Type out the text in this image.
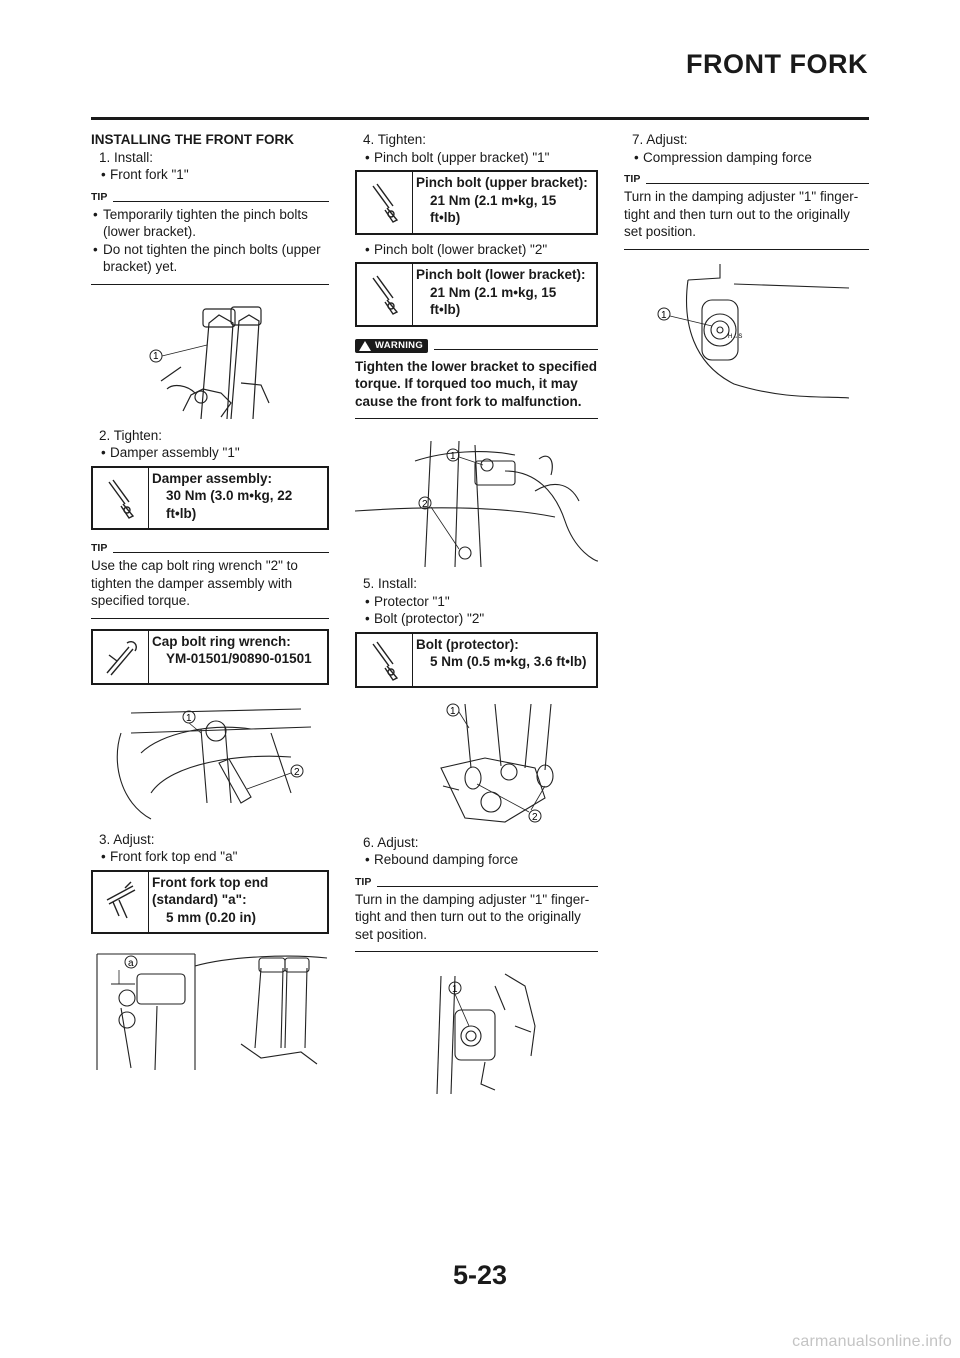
FRONT FORK
INSTALLING THE FRONT FORK
1. Install:
• Front fork "1"
TIP
• Temporarily tighten the pinch bolts (lower bracket).
• Do not tighten the pinch bolts (upper bracket) yet.
1
2. Tighten:
• Damper assembly "1"
Damper assembly:
30 Nm (3.0 m•kg, 22 ft•lb)
TIP
Use the cap bolt ring wrench "2" to tighten the damper assembly with specified torque.
Cap bolt ring wrench:
YM-01501/90890-01501
1
2
3. Adjust:
• Front fork top end "a"
Front fork top end (standard) "a":
5 mm (0.20 in)
a
4. Tighten:
• Pinch bolt (upper bracket) "1"
Pinch bolt (upper bracket):
21 Nm (2.1 m•kg, 15 ft•lb)
• Pinch bolt (lower bracket) "2"
Pinch bolt (lower bracket):
21 Nm (2.1 m•kg, 15 ft•lb)
WARNING
Tighten the lower bracket to specified torque. If torqued too much, it may cause the front fork to malfunction.
1
2
5. Install:
• Protector "1"
• Bolt (protector) "2"
Bolt (protector):
5 Nm (0.5 m•kg, 3.6 ft•lb)
1
2
6. Adjust:
• Rebound damping force
TIP
Turn in the damping adjuster "1" finger-tight and then turn out to the originally set position.
1
7. Adjust:
• Compression damping force
TIP
Turn in the damping adjuster "1" finger-tight and then turn out to the originally set position.
H↔S
1
5-23
carmanualsonline.info
